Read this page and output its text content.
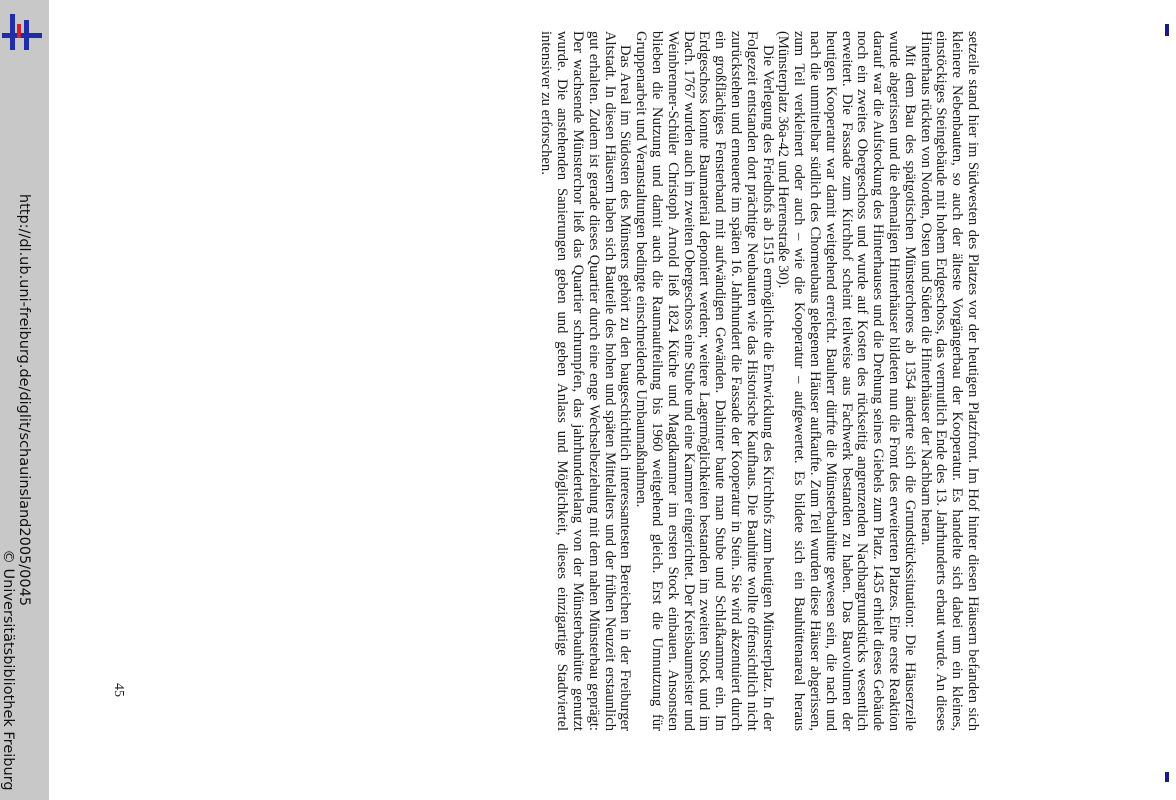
http://dl.ub.uni-freiburg.de/diglit/schauinsland2005/0045
© Universitätsbibliothek Freiburg	setzeile stand hier im Südwesten des Platzes vor der heutigen Platzfront. Im Hof hinter diesen Häusern befanden sich kleinere Nebenbauten, so auch der älteste Vorgängerbau der Kooperatur. Es handelte sich dabei um ein kleines, einstöckiges Steingebäude mit hohem Erdgeschoss, das vermutlich Ende des 13. Jahrhunderts erbaut wurde. An dieses Hinterhaus rückten von Norden, Osten und Süden die Hinterhäuser der Nachbarn heran.

Mit dem Bau des spätgotischen Münsterchores ab 1354 änderte sich die Grundstückssituation: Die Häuserzeile wurde abgerissen und die ehemaligen Hinterhäuser bildeten nun die Front des erweiterten Platzes. Eine erste Reaktion darauf war die Aufstockung des Hinterhauses und die Drehung seines Giebels zum Platz. 1435 erhielt dieses Gebäude noch ein zweites Obergeschoss und wurde auf Kosten des rückseitig angrenzenden Nachbargrundstücks wesentlich erweitert. Die Fassade zum Kirchhof scheint teilweise aus Fachwerk bestanden zu haben. Das Bauvolumen der heutigen Kooperatur war damit weitgehend erreicht. Bauherr dürfte die Münsterbauhütte gewesen sein, die nach und nach die unmittelbar südlich des Chorneubaus gelegenen Häuser aufkaufte. Zum Teil wurden diese Häuser abgerissen, zum Teil verkleinert oder auch – wie die Kooperatur – aufgewertet. Es bildete sich ein Bauhüttenareal heraus (Münsterplatz 36a-42 und Herrenstraße 30).

Die Verlegung des Friedhofs ab 1515 ermöglichte die Entwicklung des Kirchhofs zum heutigen Münsterplatz. In der Folgezeit entstanden dort prächtige Neubauten wie das Historische Kaufhaus. Die Bauhütte wollte offensichtlich nicht zurückstehen und erneuerte im späten 16. Jahrhundert die Fassade der Kooperatur in Stein. Sie wird akzentuiert durch ein großflächiges Fensterband mit aufwändigen Gewänden. Dahinter baute man Stube und Schlafkammer ein. Im Erdgeschoss konnte Baumaterial deponiert werden; weitere Lagermöglichkeiten bestanden im zweiten Stock und im Dach. 1767 wurden auch im zweiten Obergeschoss eine Stube und eine Kammer eingerichtet. Der Kreisbaumeister und Weinbrenner-Schüler Christoph Arnold ließ 1824 Küche und Magdkammer im ersten Stock einbauen. Ansonsten blieben die Nutzung und damit auch die Raumaufteilung bis 1960 weitgehend gleich. Erst die Umnutzung für Gruppenarbeit und Veranstaltungen bedingte einschneidende Umbaumaßnahmen.

Das Areal im Südosten des Münsters gehört zu den baugeschichtlich interessantesten Bereichen in der Freiburger Altstadt. In diesen Häusern haben sich Bauteile des hohen und späten Mittelalters und der frühen Neuzeit erstaunlich gut erhalten. Zudem ist gerade dieses Quartier durch eine enge Wechselbeziehung mit dem nahen Münsterbau geprägt: Der wachsende Münsterchor ließ das Quartier schrumpfen, das jahrhundertelang von der Münsterbauhütte genutzt wurde. Die anstehenden Sanierungen geben und geben Anlass und Möglichkeit, dieses einzigartige Stadtviertel intensiver zu erforschen.

45
